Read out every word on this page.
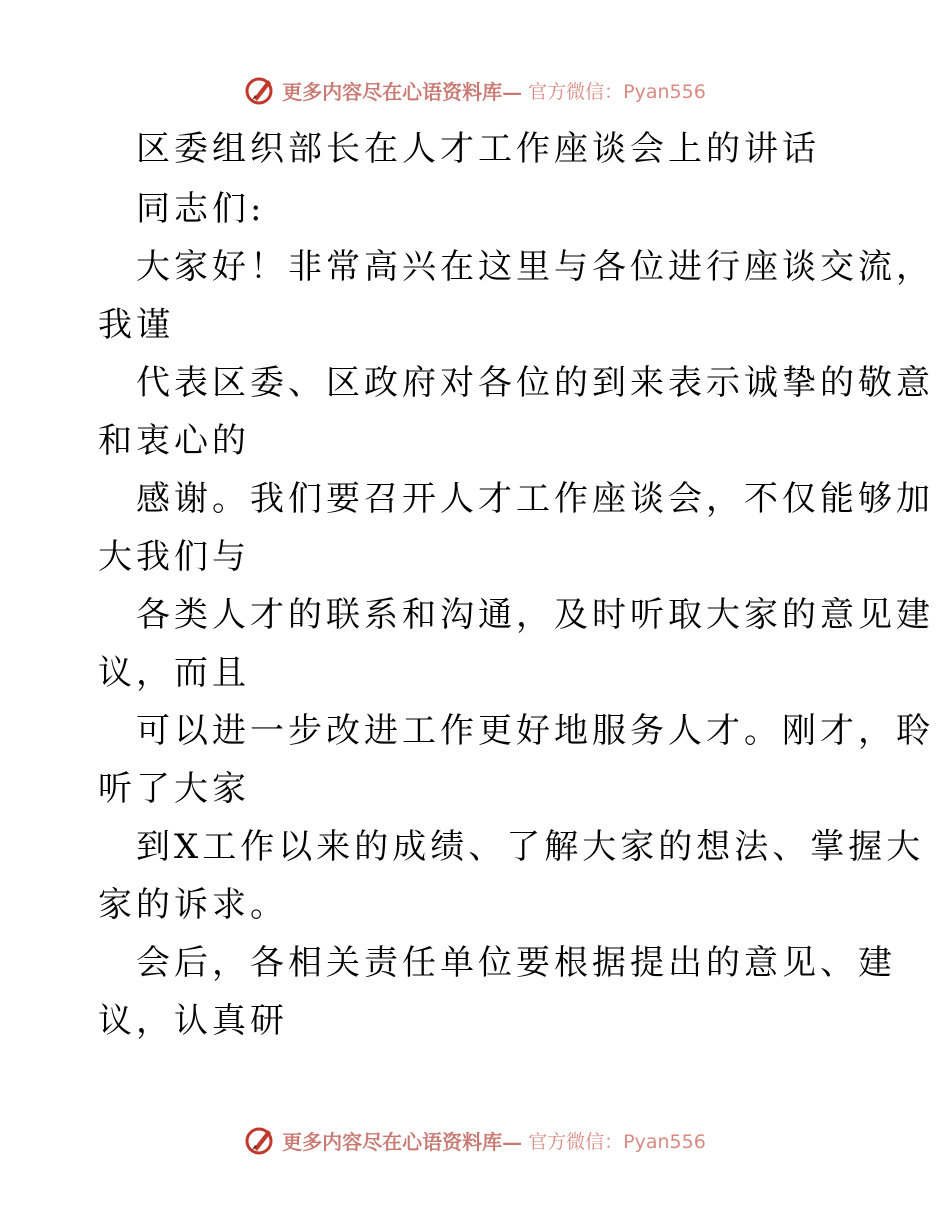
更多内容尽在心语资料库— 官方微信：Pyan556
区委组织部长在人才工作座谈会上的讲话
同志们:
大家好！非常高兴在这里与各位进行座谈交流，
我谨
代表区委、区政府对各位的到来表示诚挚的敬意
和衷心的
感谢。我们要召开人才工作座谈会，不仅能够加
大我们与
各类人才的联系和沟通，及时听取大家的意见建
议，而且
可以进一步改进工作更好地服务人才。刚才，聆
听了大家
到X工作以来的成绩、了解大家的想法、掌握大
家的诉求。
会后，各相关责任单位要根据提出的意见、建
议，认真研
更多内容尽在心语资料库— 官方微信：Pyan556
